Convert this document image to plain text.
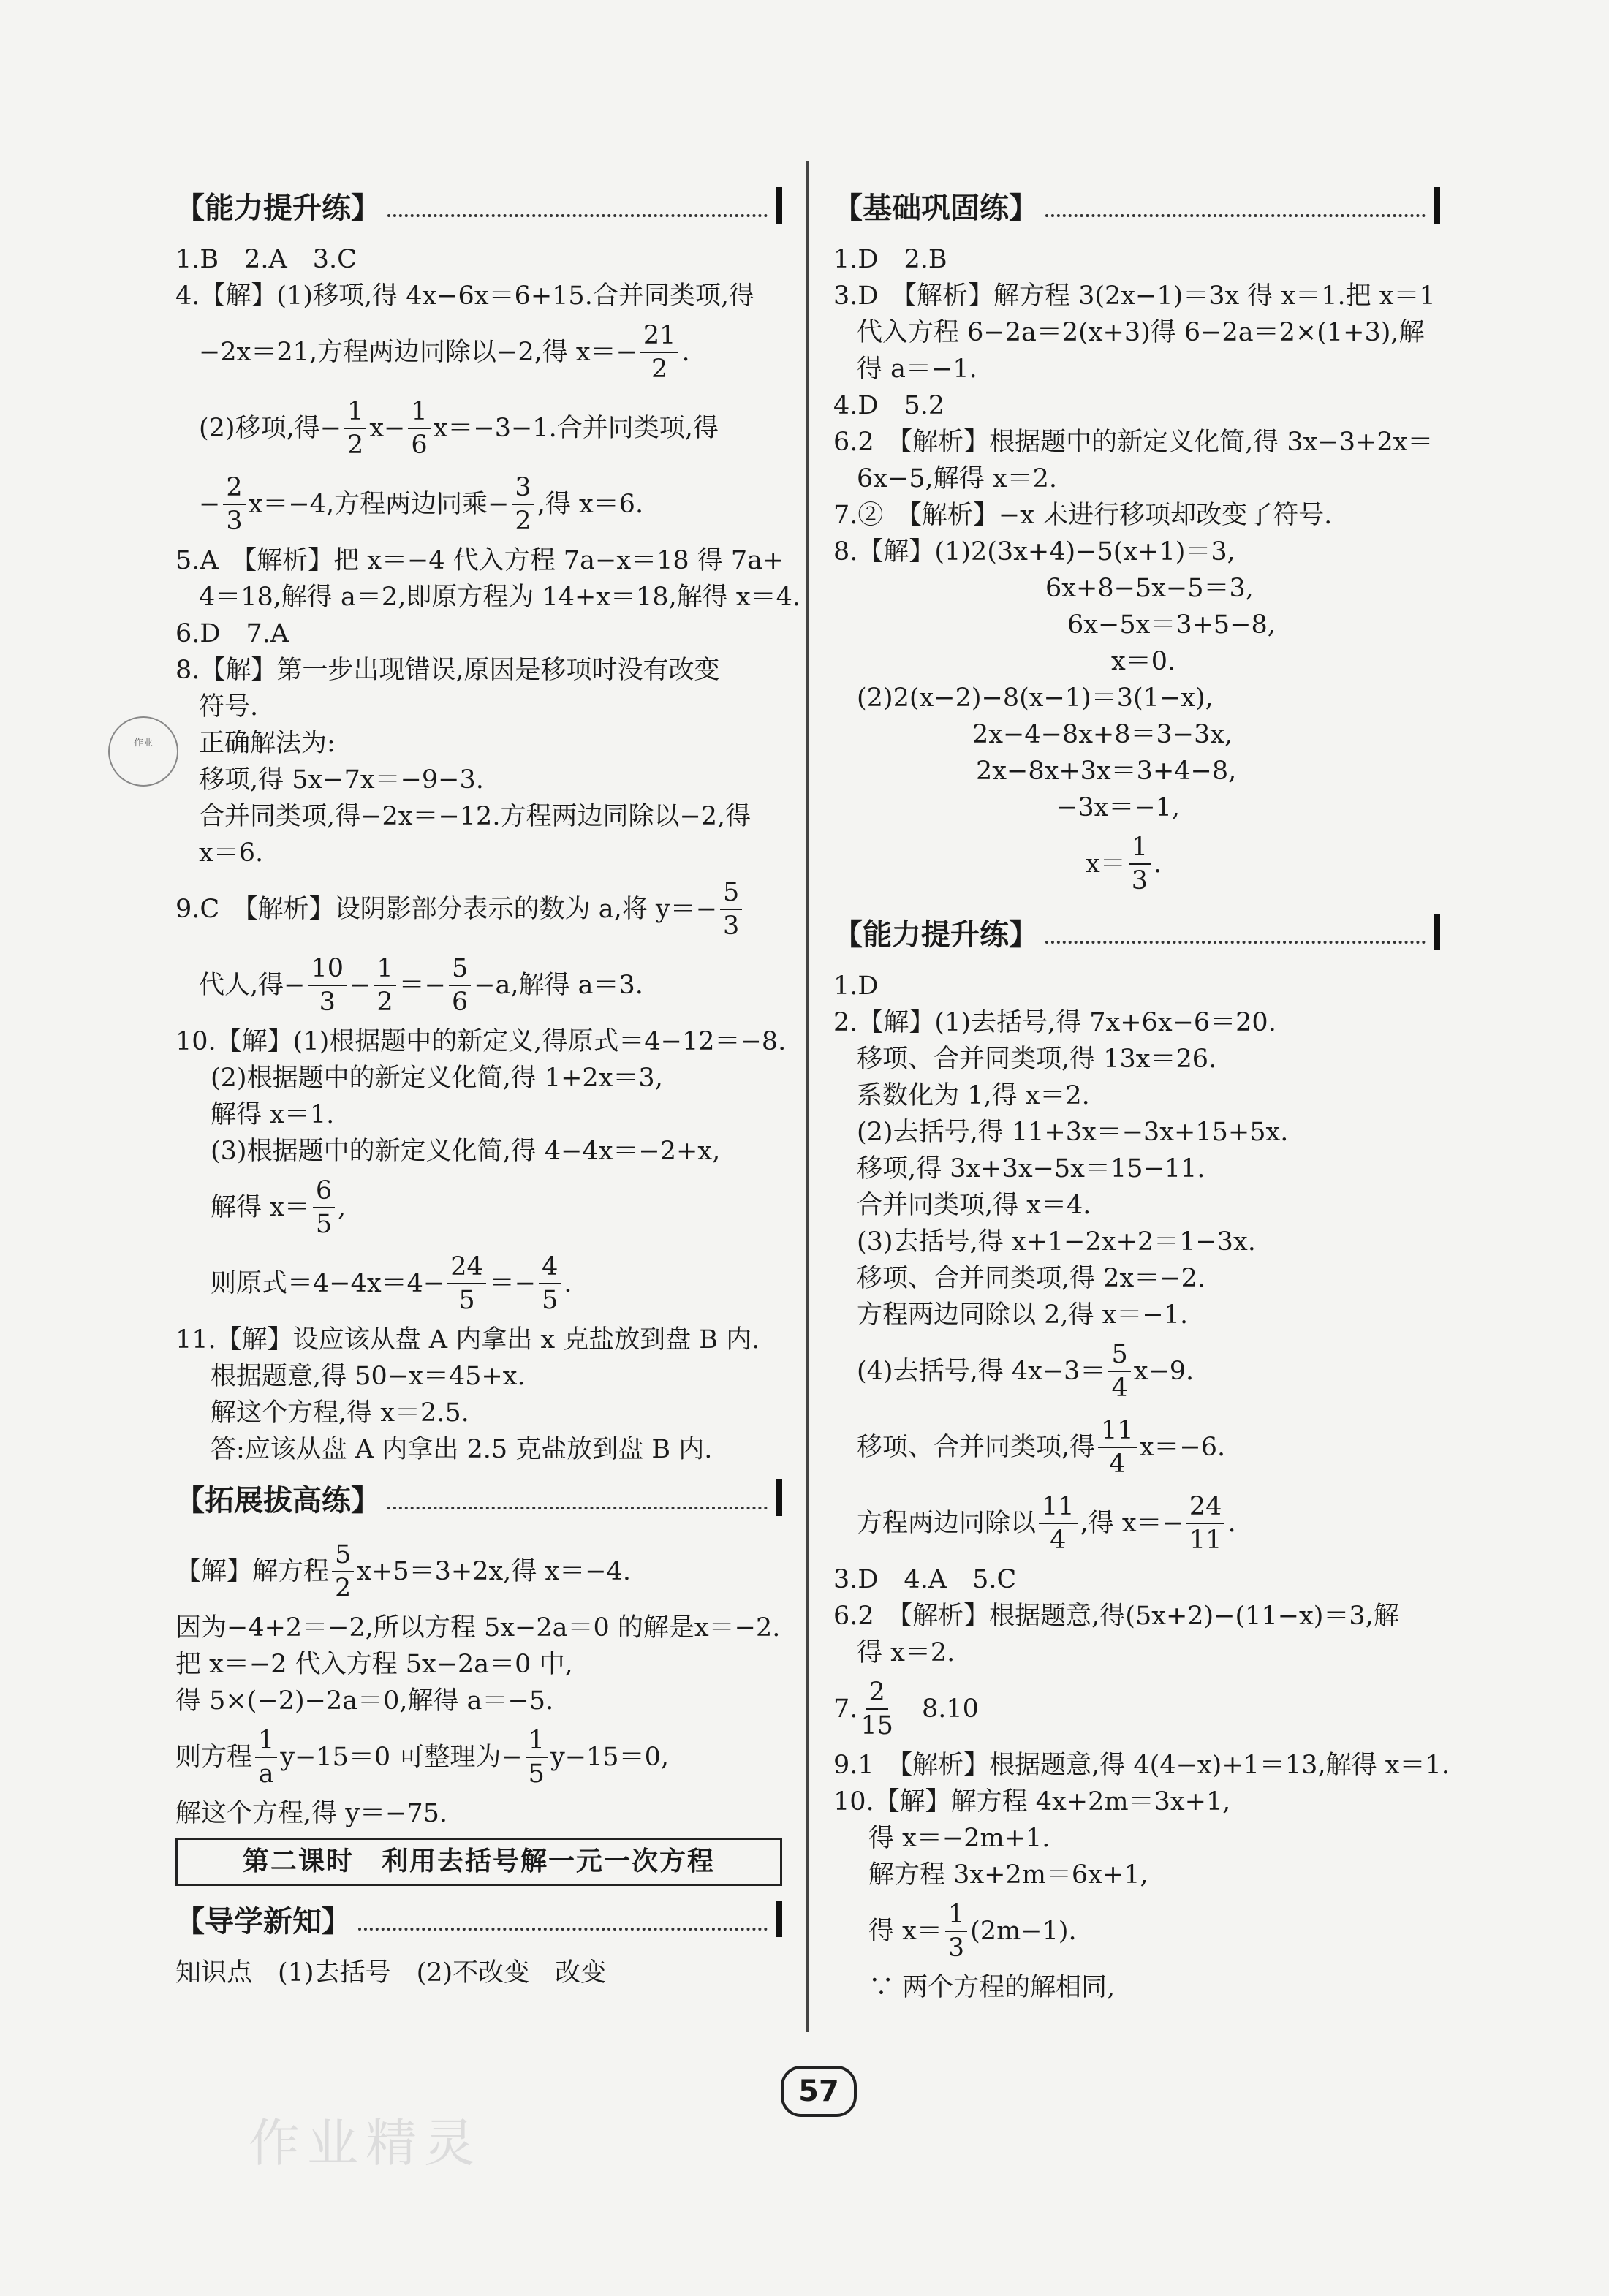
【能力提升练】
1.B　2.A　3.C
4.【解】(1)移项,得 4x−6x＝6+15.合并同类项,得
−2x＝21,方程两边同除以−2,得 $x=- \frac{21}{2}$ .
(2)移项,得− $\frac{1}{2} x- \frac{1}{6} x=-3-1$.合并同类项,得
− $\frac{2}{3} x=-4$,方程两边同乘− $\frac{3}{2}$ ,得 x＝6.
5.A　【解析】把 x＝−4 代入方程 7a−x＝18 得 7a+
4＝18,解得 a＝2,即原方程为 14+x＝18,解得 x＝4.
6.D　7.A
8.【解】第一步出现错误,原因是移项时没有改变
符号.
正确解法为:
移项,得 5x−7x＝−9−3.
合并同类项,得−2x＝−12.方程两边同除以−2,得
x＝6.
9.C　【解析】设阴影部分表示的数为 a,将 $y=- \frac{5}{3}$
代人,得− $\frac{10}{3} - \frac{1}{2} =- \frac{5}{6} -a$,解得 a＝3.
10.【解】(1)根据题中的新定义,得原式＝4−12＝−8.
(2)根据题中的新定义化简,得 1+2x＝3,
解得 x＝1.
(3)根据题中的新定义化简,得 4−4x＝−2+x,
解得 x＝
6
5
,
则原式$=4-4x=4- \frac{24}{5} =- \frac{4}{5}$ .
11.【解】设应该从盘 A 内拿出 x 克盐放到盘 B 内.
根据题意,得 50−x＝45+x.
解这个方程,得 x＝2.5.
答:应该从盘 A 内拿出 2.5 克盐放到盘 B 内.
【拓展拔高练】
【解】解方程
5
2
x+5＝3+2x,得 x＝−4.
因为−4+2＝−2,所以方程 5x−2a＝0 的解是x＝−2.
把 x＝−2 代入方程 5x−2a＝0 中,
得 5×(−2)−2a＝0,解得 a＝−5.
则方程
1
a
y−15＝0 可整理为− $\frac{1}{5} y-15=0$,
解这个方程,得 y＝−75.
第二课时　利用去括号解一元一次方程
【导学新知】
知识点　(1)去括号　(2)不改变　改变
【基础巩固练】
1.D　2.B
3.D　【解析】解方程 3(2x−1)＝3x 得 x＝1.把 x＝1
代入方程 6−2a＝2(x+3)得 6−2a＝2×(1+3),解
得 a＝−1.
4.D　5.2
6.2　【解析】根据题中的新定义化简,得 3x−3+2x＝
6x−5,解得 x＝2.
7.②　【解析】−x 未进行移项却改变了符号.
8.【解】(1)2(3x+4)−5(x+1)＝3,
6x+8−5x−5＝3,
6x−5x＝3+5−8,
x＝0.
(2)2(x−2)−8(x−1)＝3(1−x),
2x−4−8x+8＝3−3x,
2x−8x+3x＝3+4−8,
−3x＝−1,
x＝
1
3
.
【能力提升练】
1.D
2.【解】(1)去括号,得 7x+6x−6＝20.
移项、合并同类项,得 13x＝26.
系数化为 1,得 x＝2.
(2)去括号,得 11+3x＝−3x+15+5x.
移项,得 3x+3x−5x＝15−11.
合并同类项,得 x＝4.
(3)去括号,得 x+1−2x+2＝1−3x.
移项、合并同类项,得 2x＝−2.
方程两边同除以 2,得 x＝−1.
(4)去括号,得 4x−3＝
5
4
x−9.
移项、合并同类项,得
11
4
x＝−6.
方程两边同除以
11
4
,得 $x=- \frac{24}{11}$ .
3.D　4.A　5.C
6.2　【解析】根据题意,得(5x+2)−(11−x)＝3,解
得 x＝2.
7.
2
15
　8.10
9.1　【解析】根据题意,得 4(4−x)+1＝13,解得 x＝1.
10.【解】解方程 4x+2m＝3x+1,
得 x＝−2m+1.
解方程 3x+2m＝6x+1,
得 x＝
1
3
(2m−1).
∵ 两个方程的解相同,
作业
57
作业精灵
